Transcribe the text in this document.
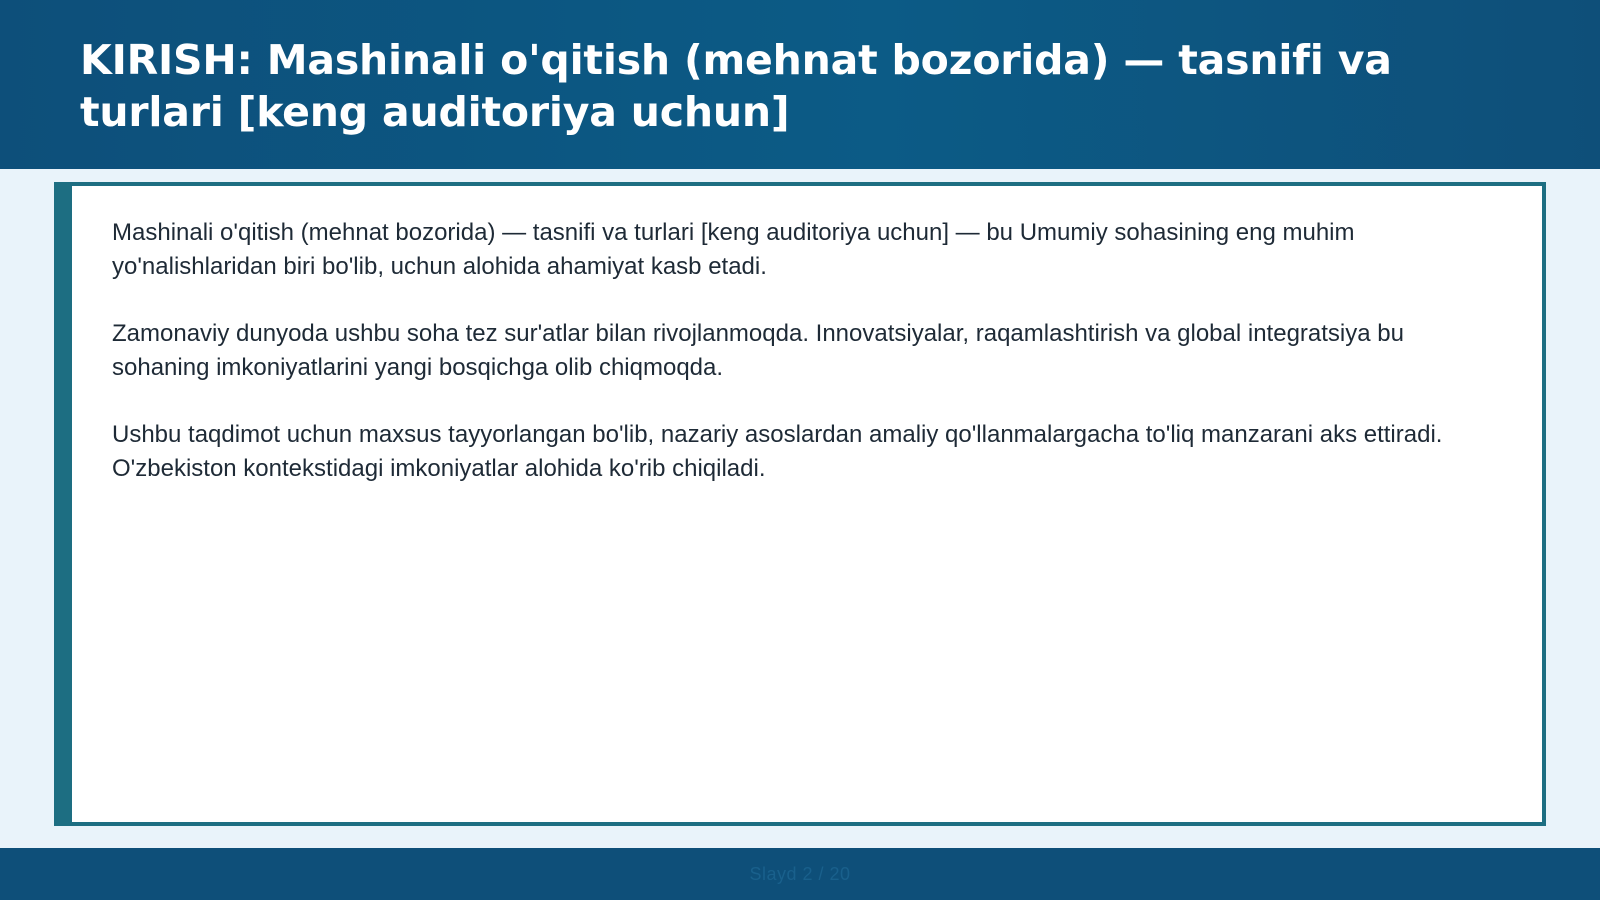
KIRISH: Mashinali o'qitish (mehnat bozorida) — tasnifi va turlari [keng auditoriya uchun]

Mashinali o'qitish (mehnat bozorida) — tasnifi va turlari [keng auditoriya uchun] — bu Umumiy sohasining eng muhim yo'nalishlaridan biri bo'lib, uchun alohida ahamiyat kasb etadi.

Zamonaviy dunyoda ushbu soha tez sur'atlar bilan rivojlanmoqda. Innovatsiyalar, raqamlashtirish va global integratsiya bu sohaning imkoniyatlarini yangi bosqichga olib chiqmoqda.

Ushbu taqdimot uchun maxsus tayyorlangan bo'lib, nazariy asoslardan amaliy qo'llanmalargacha to'liq manzarani aks ettiradi. O'zbekiston kontekstidagi imkoniyatlar alohida ko'rib chiqiladi.

Slayd 2 / 20
